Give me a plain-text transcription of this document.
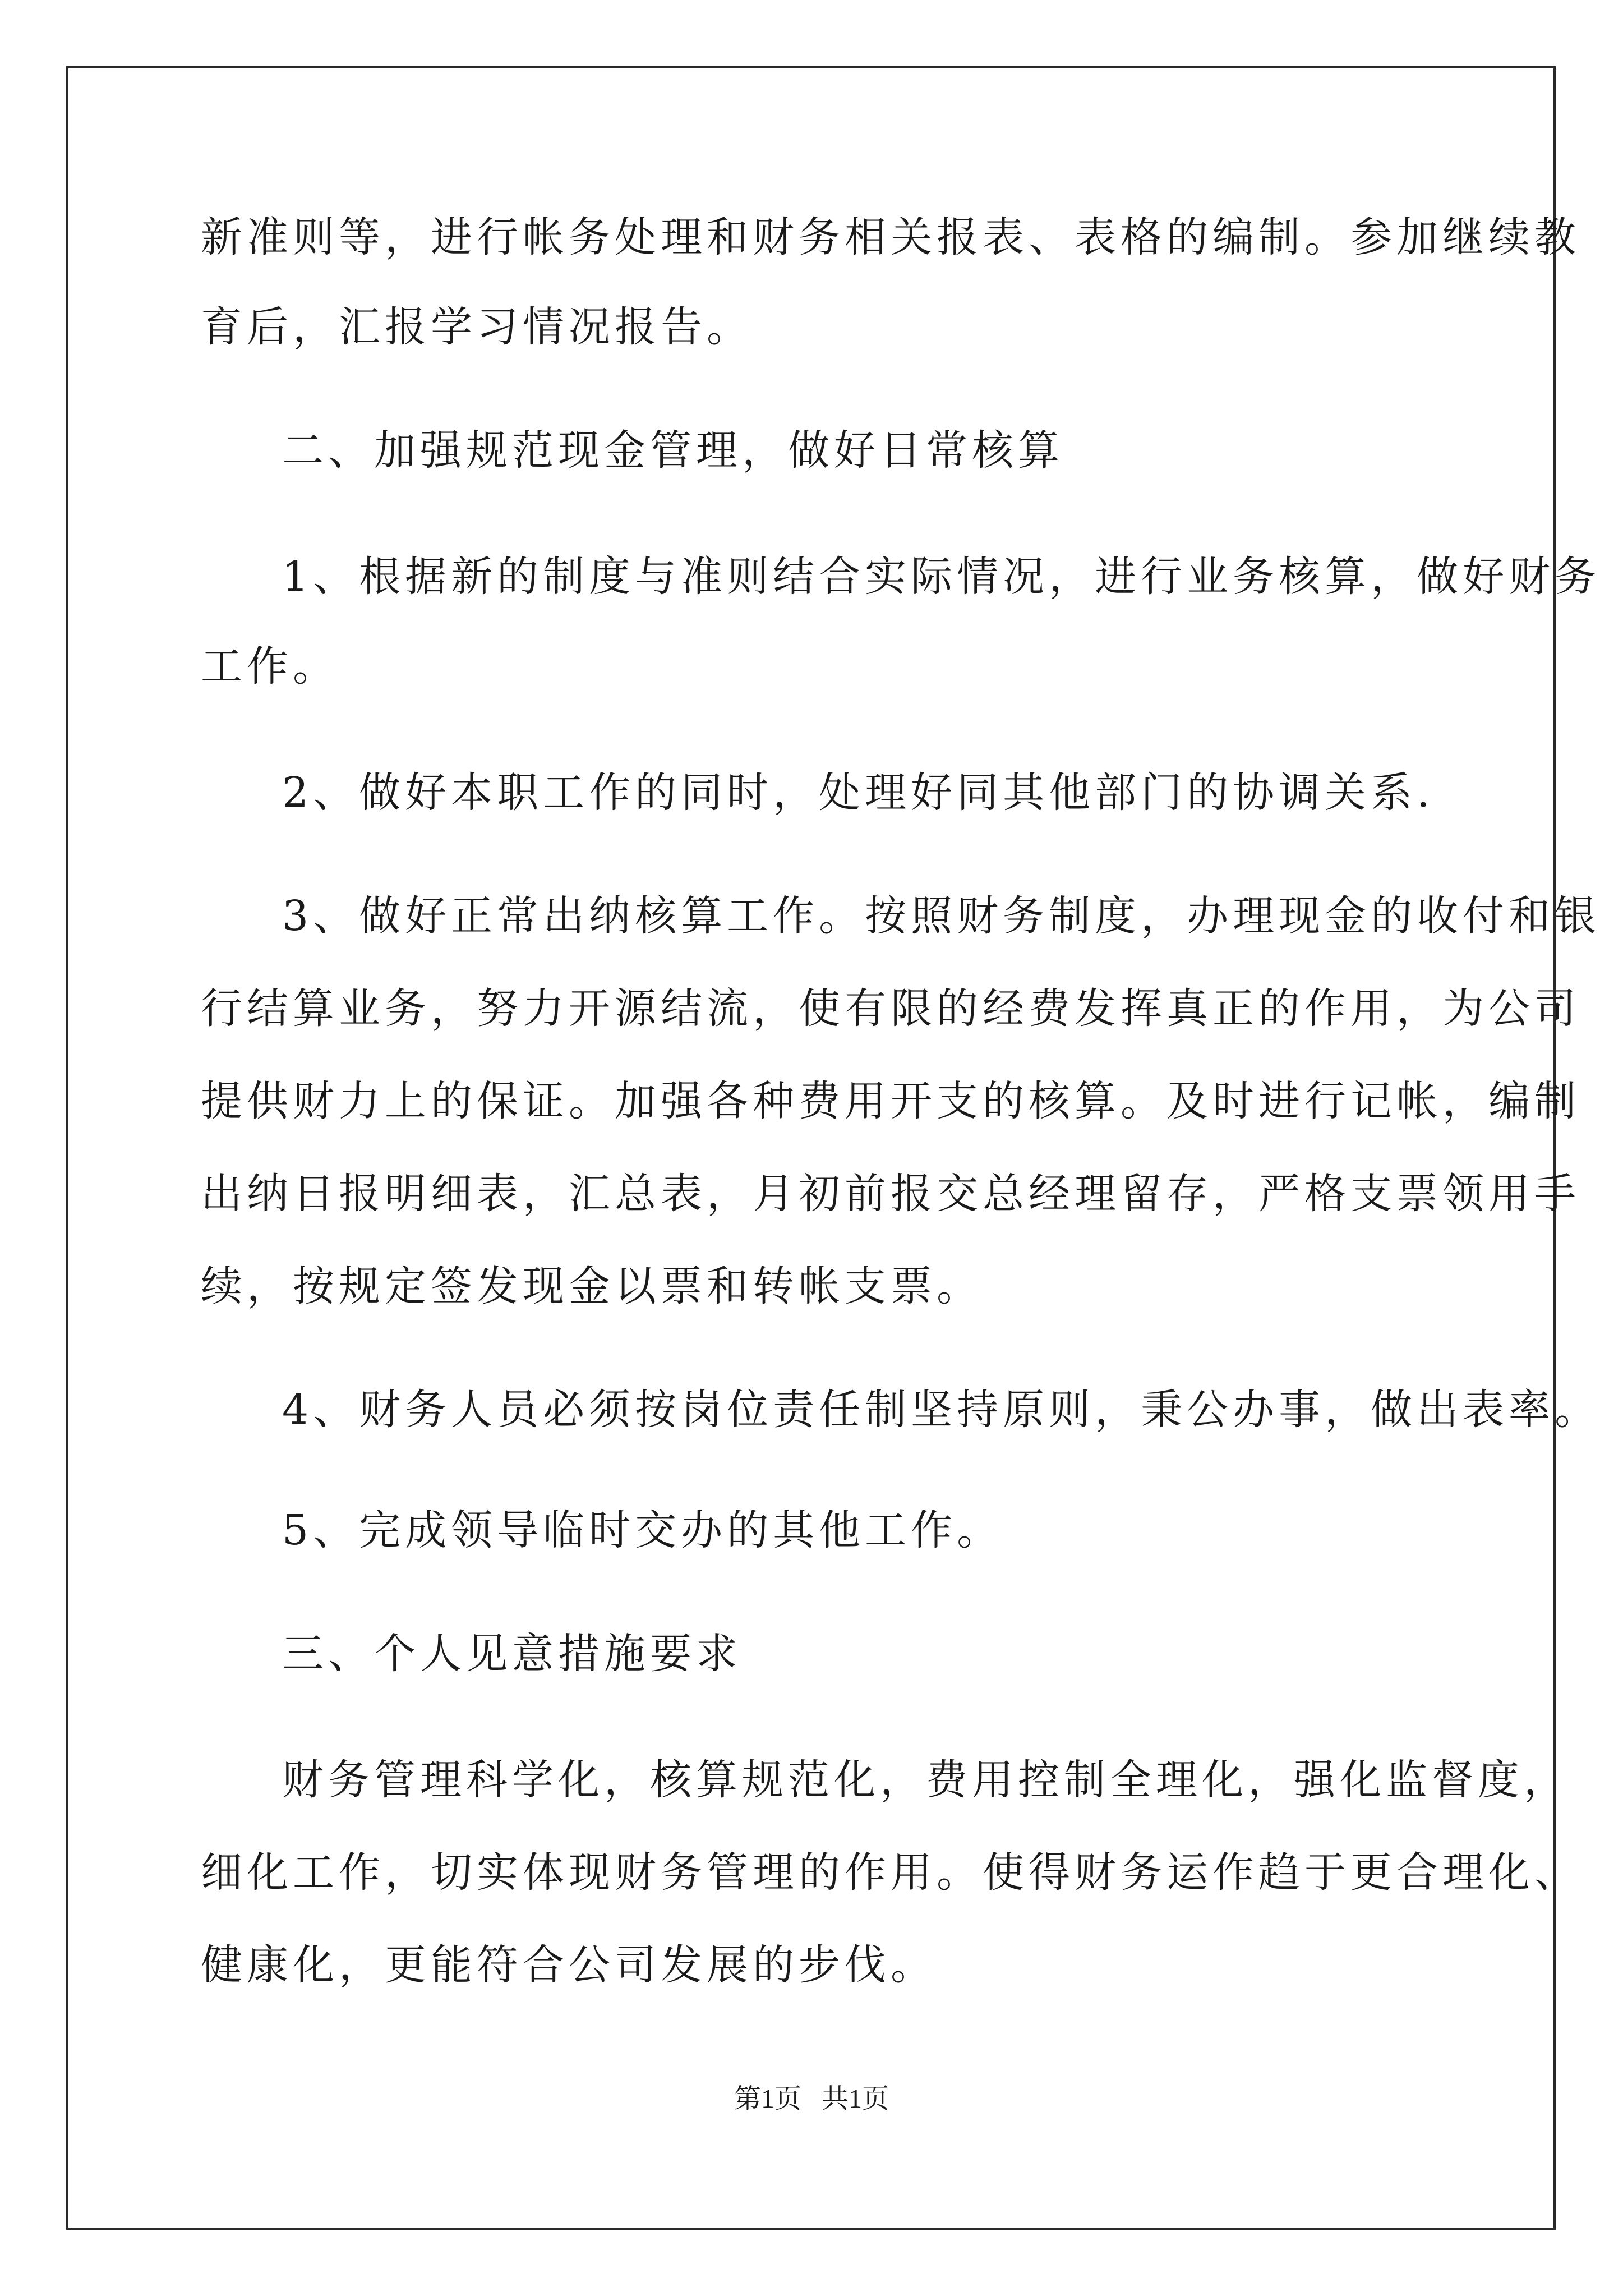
新准则等，进行帐务处理和财务相关报表、表格的编制。参加继续教
育后，汇报学习情况报告。
二、加强规范现金管理，做好日常核算
1、根据新的制度与准则结合实际情况，进行业务核算，做好财务
工作。
2、做好本职工作的同时，处理好同其他部门的协调关系.
3、做好正常出纳核算工作。按照财务制度，办理现金的收付和银
行结算业务，努力开源结流，使有限的经费发挥真正的作用，为公司
提供财力上的保证。加强各种费用开支的核算。及时进行记帐，编制
出纳日报明细表，汇总表，月初前报交总经理留存，严格支票领用手
续，按规定签发现金以票和转帐支票。
4、财务人员必须按岗位责任制坚持原则，秉公办事，做出表率。
5、完成领导临时交办的其他工作。
三、个人见意措施要求
财务管理科学化，核算规范化，费用控制全理化，强化监督度，
细化工作，切实体现财务管理的作用。使得财务运作趋于更合理化、
健康化，更能符合公司发展的步伐。
第1页   共1页
